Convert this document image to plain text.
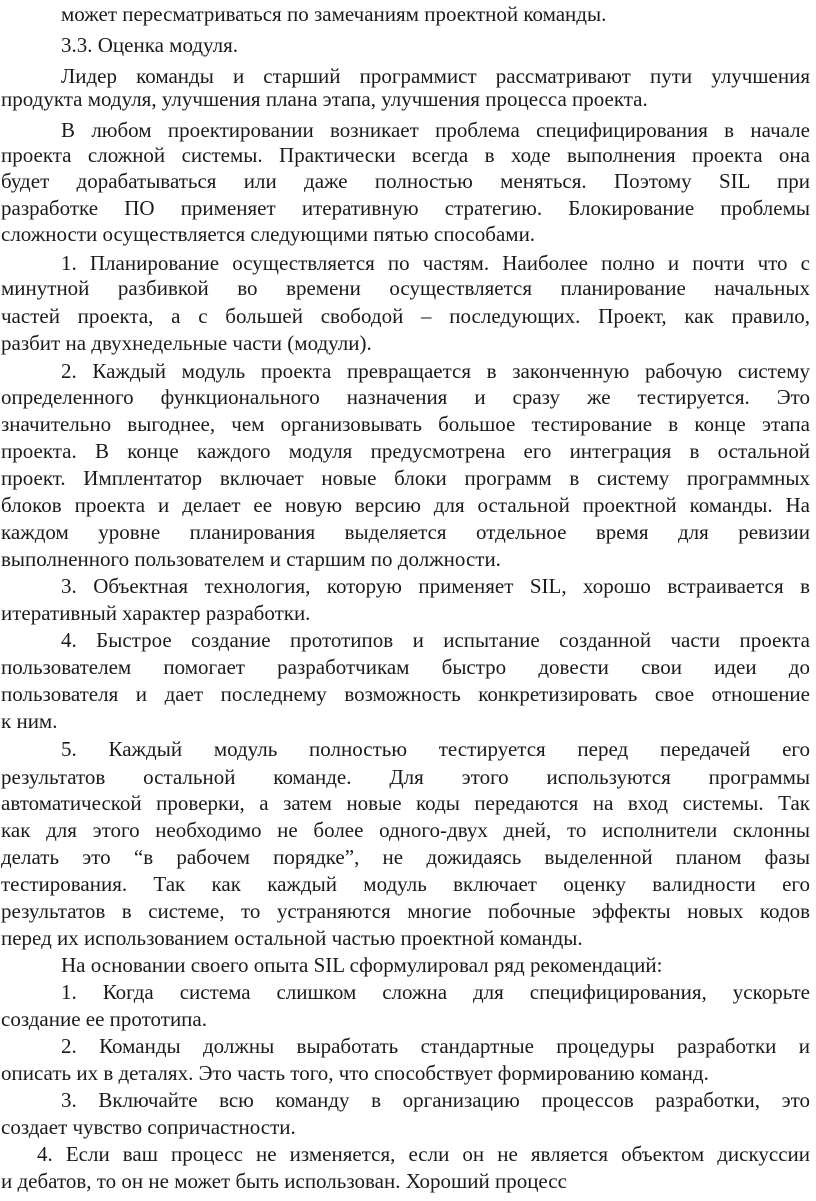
может пересматриваться по замечаниям проектной команды.

3.3. Оценка модуля.

Лидер команды и старший программист рассматривают пути улучшения

продукта модуля, улучшения плана этапа, улучшения процесса проекта.

В любом проектировании возникает проблема специфицирования в начале

проекта сложной системы. Практически всегда в ходе выполнения проекта она

будет дорабатываться или даже полностью меняться. Поэтому SIL при

разработке ПО применяет итеративную стратегию. Блокирование проблемы

сложности осуществляется следующими пятью способами.

1. Планирование осуществляется по частям. Наиболее полно и почти что с

минутной разбивкой во времени осуществляется планирование начальных

частей проекта, а с большей свободой – последующих. Проект, как правило,

разбит на двухнедельные части (модули).

2. Каждый модуль проекта превращается в законченную рабочую систему

определенного функционального назначения и сразу же тестируется. Это

значительно выгоднее, чем организовывать большое тестирование в конце этапа

проекта. В конце каждого модуля предусмотрена его интеграция в остальной

проект. Имплентатор включает новые блоки программ в систему программных

блоков проекта и делает ее новую версию для остальной проектной команды. На

каждом уровне планирования выделяется отдельное время для ревизии

выполненного пользователем и старшим по должности.

3. Объектная технология, которую применяет SIL, хорошо встраивается в

итеративный характер разработки.

4. Быстрое создание прототипов и испытание созданной части проекта

пользователем помогает разработчикам быстро довести свои идеи до

пользователя и дает последнему возможность конкретизировать свое отношение

к ним.

5. Каждый модуль полностью тестируется перед передачей его

результатов остальной команде. Для этого используются программы

автоматической проверки, а затем новые коды передаются на вход системы. Так

как для этого необходимо не более одного-двух дней, то исполнители склонны

делать это “в рабочем порядке”, не дожидаясь выделенной планом фазы

тестирования. Так как каждый модуль включает оценку валидности его

результатов в системе, то устраняются многие побочные эффекты новых кодов

перед их использованием остальной частью проектной команды.

На основании своего опыта SIL сформулировал ряд рекомендаций:

1. Когда система слишком сложна для специфицирования, ускорьте

создание ее прототипа.

2. Команды должны выработать стандартные процедуры разработки и

описать их в деталях. Это часть того, что способствует формированию команд.

3. Включайте всю команду в организацию процессов разработки, это

создает чувство сопричастности.

4. Если ваш процесс не изменяется, если он не является объектом дискуссии

и дебатов, то он не может быть использован. Хороший процесс
